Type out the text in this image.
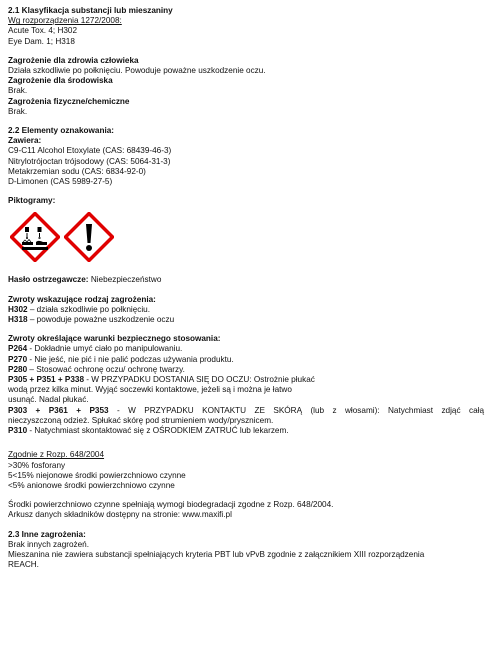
2.1 Klasyfikacja substancji lub mieszaniny
Wg rozporządzenia 1272/2008:
Acute Tox. 4; H302
Eye Dam. 1; H318
Zagrożenie dla zdrowia człowieka
Działa szkodliwie po połknięciu. Powoduje poważne uszkodzenie oczu.
Zagrożenie dla środowiska
Brak.
Zagrożenia fizyczne/chemiczne
Brak.
2.2 Elementy oznakowania:
Zawiera:
C9-C11 Alcohol Etoxylate (CAS: 68439-46-3)
Nitrylotrójoctan trójsodowy (CAS: 5064-31-3)
Metakrzemian sodu (CAS: 6834-92-0)
D-Limonen (CAS 5989-27-5)
Piktogramy:
Hasło ostrzegawcze: Niebezpieczeństwo
Zwroty wskazujące rodzaj zagrożenia:
H302 – działa szkodliwie po połknięciu.
H318 – powoduje poważne uszkodzenie oczu
Zwroty określające warunki bezpiecznego stosowania:
P264 - Dokładnie umyć ciało po manipulowaniu.
P270 - Nie jeść, nie pić i nie palić podczas używania produktu.
P280 – Stosować ochronę oczu/ ochronę twarzy.
P305 + P351 + P338 - W PRZYPADKU DOSTANIA SIĘ DO OCZU: Ostrożnie płukać
wodą przez kilka minut. Wyjąć soczewki kontaktowe, jeżeli są i można je łatwo
usunąć. Nadal płukać.
P303 + P361 + P353 - W PRZYPADKU KONTAKTU ZE SKÓRĄ (lub z włosami): Natychmiast zdjąć całą
nieczyszczoną odzież. Spłukać skórę pod strumieniem wody/prysznicem.
P310 - Natychmiast skontaktować się z OŚRODKIEM ZATRUĆ lub lekarzem.
Zgodnie z Rozp. 648/2004
>30% fosforany
5<15% niejonowe środki powierzchniowo czynne
<5% anionowe środki powierzchniowo czynne
Środki powierzchniowo czynne spełniają wymogi biodegradacji zgodne z Rozp. 648/2004.
Arkusz danych składników dostępny na stronie: www.maxifi.pl
2.3 Inne zagrożenia:
Brak innych zagrożeń.
Mieszanina nie zawiera substancji spełniających kryteria PBT lub vPvB zgodnie z załącznikiem XIII rozporządzenia
REACH.
